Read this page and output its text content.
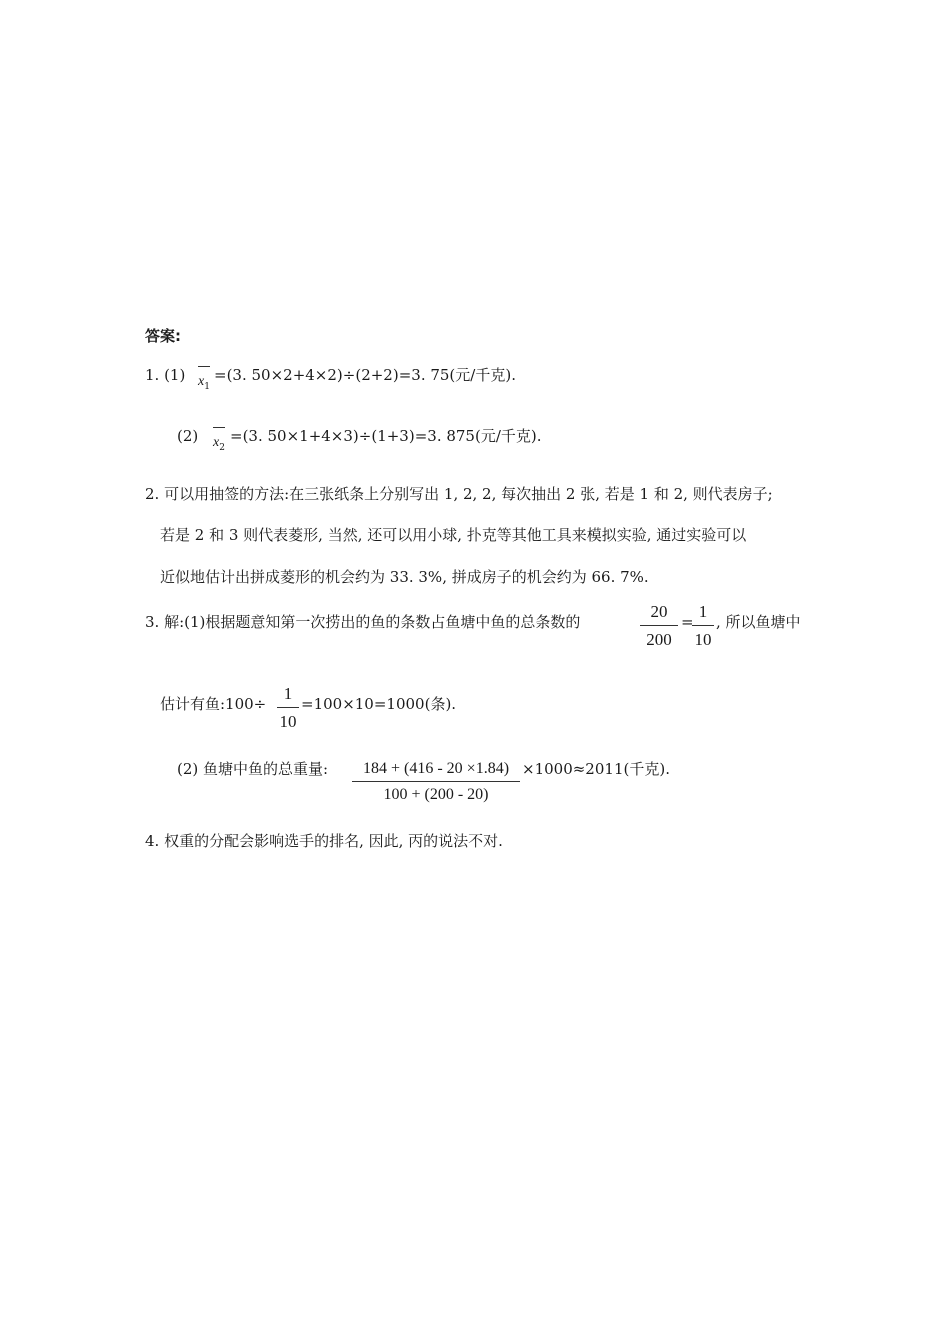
答案:
1. (1) $x_1$
=(3. 50×2+4×2)÷(2+2)=3. 75(元/千克).
(2) $x_2$
=(3. 50×1+4×3)÷(1+3)=3. 875(元/千克).
2. 可以用抽签的方法:在三张纸条上分别写出 1, 2, 2, 每次抽出 2 张, 若是 1 和 2, 则代表房子;
若是 2 和 3 则代表菱形, 当然, 还可以用小球, 扑克等其他工具来模拟实验, 通过实验可以
近似地估计出拼成菱形的机会约为 33. 3%, 拼成房子的机会约为 66. 7%.
3. 解:(1)根据题意知第一次捞出的鱼的条数占鱼塘中鱼的总条数的
20
200
=
1
10
, 所以鱼塘中
估计有鱼:100÷
1
10
=100×10=1000(条).
(2) 鱼塘中鱼的总重量:	184 + (416 - 20 ×1.84)
100 + (200 - 20)
×1000≈2011(千克).
4. 权重的分配会影响选手的排名, 因此, 丙的说法不对.
